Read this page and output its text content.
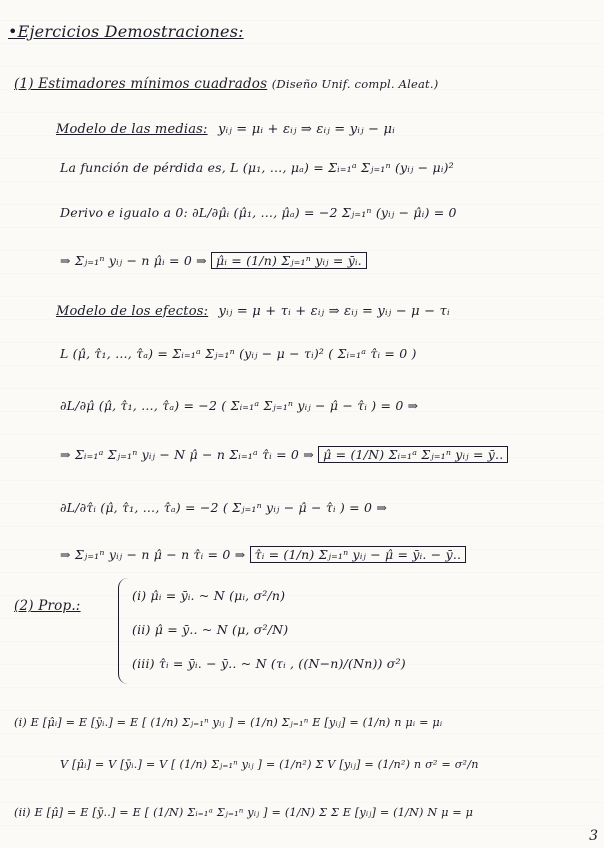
•Ejercicios Demostraciones:
(1) Estimadores mínimos cuadrados (Diseño Unif. compl. Aleat.)
Modelo de las medias: yᵢⱼ = μᵢ + εᵢⱼ ⇒ εᵢⱼ = yᵢⱼ − μᵢ
La función de pérdida es, L (μ₁, …, μₐ) = Σᵢ₌₁ᵃ Σⱼ₌₁ⁿ (yᵢⱼ − μᵢ)²
Derivo e igualo a 0: ∂L/∂μ̂ᵢ (μ̂₁, …, μ̂ₐ) = −2 Σⱼ₌₁ⁿ (yᵢⱼ − μ̂ᵢ) = 0
⇒ Σⱼ₌₁ⁿ yᵢⱼ − n μ̂ᵢ = 0 ⇒ μ̂ᵢ = (1/n) Σⱼ₌₁ⁿ yᵢⱼ = ȳᵢ.
Modelo de los efectos: yᵢⱼ = μ + τᵢ + εᵢⱼ ⇒ εᵢⱼ = yᵢⱼ − μ − τᵢ
L (μ̂, τ̂₁, …, τ̂ₐ) = Σᵢ₌₁ᵃ Σⱼ₌₁ⁿ (yᵢⱼ − μ − τᵢ)² ( Σᵢ₌₁ᵃ τ̂ᵢ = 0 )
∂L/∂μ̂ (μ̂, τ̂₁, …, τ̂ₐ) = −2 ( Σᵢ₌₁ᵃ Σⱼ₌₁ⁿ yᵢⱼ − μ̂ − τ̂ᵢ ) = 0 ⇒
⇒ Σᵢ₌₁ᵃ Σⱼ₌₁ⁿ yᵢⱼ − N μ̂ − n Σᵢ₌₁ᵃ τ̂ᵢ = 0 ⇒ μ̂ = (1/N) Σᵢ₌₁ᵃ Σⱼ₌₁ⁿ yᵢⱼ = ȳ..
∂L/∂τ̂ᵢ (μ̂, τ̂₁, …, τ̂ₐ) = −2 ( Σⱼ₌₁ⁿ yᵢⱼ − μ̂ − τ̂ᵢ ) = 0 ⇒
⇒ Σⱼ₌₁ⁿ yᵢⱼ − n μ̂ − n τ̂ᵢ = 0 ⇒ τ̂ᵢ = (1/n) Σⱼ₌₁ⁿ yᵢⱼ − μ̂ = ȳᵢ. − ȳ..
(2) Prop.:
(i) μ̂ᵢ = ȳᵢ. ~ N (μᵢ, σ²/n)
(ii) μ̂ = ȳ.. ~ N (μ, σ²/N)
(iii) τ̂ᵢ = ȳᵢ. − ȳ.. ~ N (τᵢ , ((N−n)/(Nn)) σ²)
(i) E [μ̂ᵢ] = E [ȳᵢ.] = E [ (1/n) Σⱼ₌₁ⁿ yᵢⱼ ] = (1/n) Σⱼ₌₁ⁿ E [yᵢⱼ] = (1/n) n μᵢ = μᵢ
V [μ̂ᵢ] = V [ȳᵢ.] = V [ (1/n) Σⱼ₌₁ⁿ yᵢⱼ ] = (1/n²) Σ V [yᵢⱼ] = (1/n²) n σ² = σ²/n
(ii) E [μ̂] = E [ȳ..] = E [ (1/N) Σᵢ₌₁ᵃ Σⱼ₌₁ⁿ yᵢⱼ ] = (1/N) Σ Σ E [yᵢⱼ] = (1/N) N μ = μ
3
